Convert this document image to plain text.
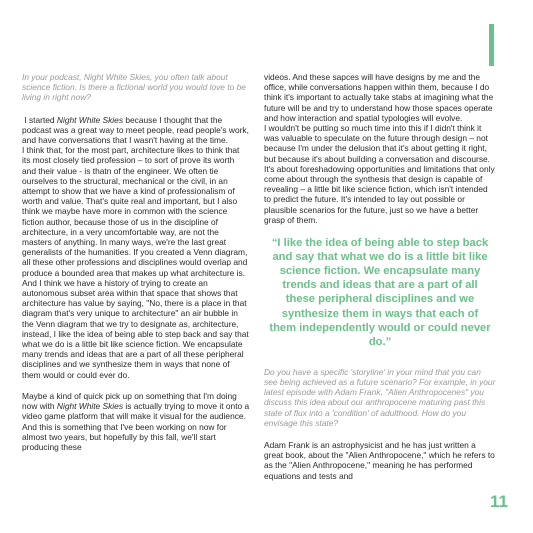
In your podcast, Night White Skies, you often talk about science fiction. Is there a fictional world you would love to be living in right now?

I started Night White Skies because I thought that the podcast was a great way to meet people, read people's work, and have conversations that I wasn't having at the time.
I think that, for the most part, architecture likes to think that its most closely tied profession – to sort of prove its worth and their value - is thatn of the engineer. We often tie ourselves to the structural, mechanical or the civil, in an attempt to show that we have a kind of professionalism of worth and value. That's quite real and important, but I also think we maybe have more in common with the science fiction author, because those of us in the discipline of architecture, in a very uncomfortable way, are not the masters of anything. In many ways, we're the last great generalists of the humanities. If you created a Venn diagram, all these other professions and disciplines would overlap and produce a bounded area that makes up what architecture is. And I think we have a history of trying to create an autonomous subset area within that space that shows that architecture has value by saying, "No, there is a place in that diagram that's very unique to architecture" an air bubble in the Venn diagram that we try to designate as, architecture, instead, I like the idea of being able to step back and say that what we do is a little bit like science fiction. We encapsulate many trends and ideas that are a part of all these peripheral disciplines and we synthesize them in ways that none of them would or could ever do.

Maybe a kind of quick pick up on something that I'm doing now with Night White Skies is actually trying to move it onto a video game platform that will make it visual for the audience. And this is something that I've been working on now for almost two years, but hopefully by this fall, we'll start producing these

videos. And these sapces will have designs by me and the office, while conversations happen within them, because I do think it's important to actually take stabs at imagining what the future will be and try to understand how those spaces operate and how interaction and spatial typologies will evolve.
I wouldn't be putting so much time into this if I didn't think it was valuable to speculate on the future through design – not because I'm under the delusion that it's about getting it right, but because it's about building a conversation and discourse. It's about foreshadowing opportunities and limitations that only come about through the synthesis that design is capable of revealing – a little bit like science fiction, which isn't intended to predict the future. It's intended to lay out possible or plausible scenarios for the future, just so we have a better grasp of them.

“I like the idea of being able to step back and say that what we do is a little bit like science fiction. We encapsulate many trends and ideas that are a part of all these peripheral disciplines and we synthesize them in ways that each of them independently would or could never do.”

Do you have a specific 'storyline' in your mind that you can see being achieved as a future scenario? For example, in your latest episode with Adam Frank, "Alien Anthropocenes" you discuss this idea about our anthropocene maturing past this state of flux into a 'condition' of adulthood. How do you envisage this state?

Adam Frank is an astrophysicist and he has just written a great book, about the "Alien Anthropocene," which he refers to as the "Alien Anthropocene," meaning he has performed equations and tests and

11
